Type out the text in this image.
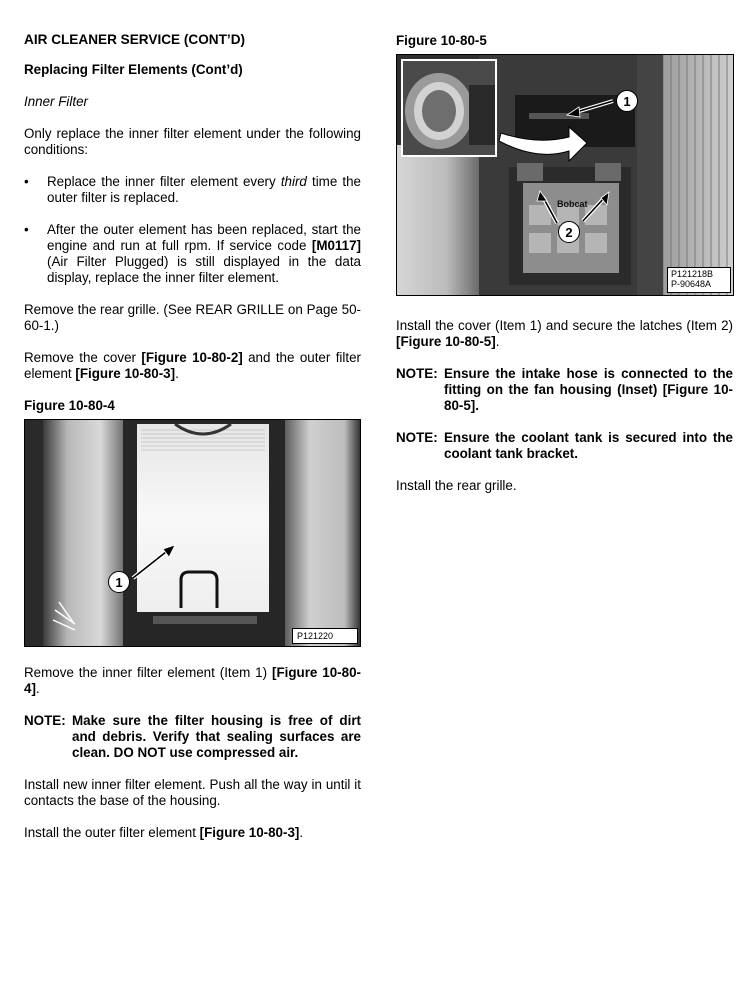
AIR CLEANER SERVICE (CONT’D)
Replacing Filter Elements (Cont’d)
Inner Filter
Only replace the inner filter element under the following conditions:
• Replace the inner filter element every third time the outer filter is replaced.
• After the outer element has been replaced, start the engine and run at full rpm. If service code [M0117] (Air Filter Plugged) is still displayed in the data display, replace the inner filter element.
Remove the rear grille. (See REAR GRILLE on Page 50-60-1.)
Remove the cover [Figure 10-80-2] and the outer filter element [Figure 10-80-3].
Figure 10-80-4
1
P121220
Remove the inner filter element (Item 1) [Figure 10-80-4].
NOTE: Make sure the filter housing is free of dirt and debris. Verify that sealing surfaces are clean. DO NOT use compressed air.
Install new inner filter element. Push all the way in until it contacts the base of the housing.
Install the outer filter element [Figure 10-80-3].
Figure 10-80-5
Bobcat
1
2
P121218B
P-90648A
Install the cover (Item 1) and secure the latches (Item 2) [Figure 10-80-5].
NOTE: Ensure the intake hose is connected to the fitting on the fan housing (Inset) [Figure 10-80-5].
NOTE: Ensure the coolant tank is secured into the coolant tank bracket.
Install the rear grille.
